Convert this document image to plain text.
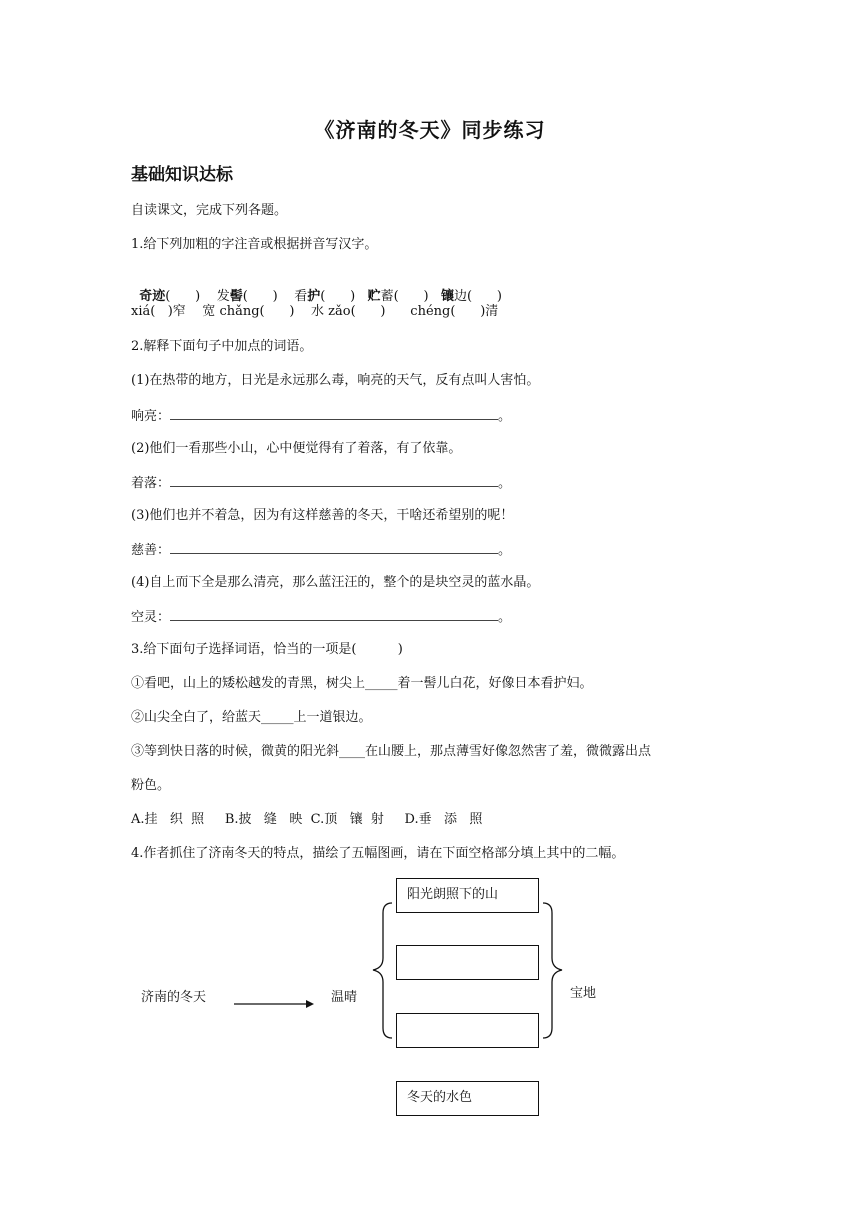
《济南的冬天》同步练习
基础知识达标
自读课文，完成下列各题。
1.给下列加粗的字注音或根据拼音写汉字。

奇迹(      )    发髻(      )    看护(      )   贮蓄(      )   镶边(      )

xiá(   )窄    宽 chǎng(      )    水 zǎo(      )      chéng(      )清
2.解释下面句子中加点的词语。
(1)在热带的地方，日光是永远那么毒，响亮的天气，反有点叫人害怕。
响亮：	。
(2)他们一看那些小山，心中便觉得有了着落，有了依靠。
着落：	。
(3)他们也并不着急，因为有这样慈善的冬天，干啥还希望别的呢！
慈善：	。
(4)自上而下全是那么清亮，那么蓝汪汪的，整个的是块空灵的蓝水晶。
空灵：	。
3.给下面句子选择词语，恰当的一项是(          )
①看吧，山上的矮松越发的青黑，树尖上_____着一髻儿白花，好像日本看护妇。
②山尖全白了，给蓝天_____上一道银边。
③等到快日落的时候，微黄的阳光斜____在山腰上，那点薄雪好像忽然害了羞，微微露出点
粉色。
A.挂   织  照     B.披   缝   映  C.顶   镶  射     D.垂   添   照
4.作者抓住了济南冬天的特点，描绘了五幅图画，请在下面空格部分填上其中的二幅。
济南的冬天	温晴	宝地
阳光朗照下的山
冬天的水色
